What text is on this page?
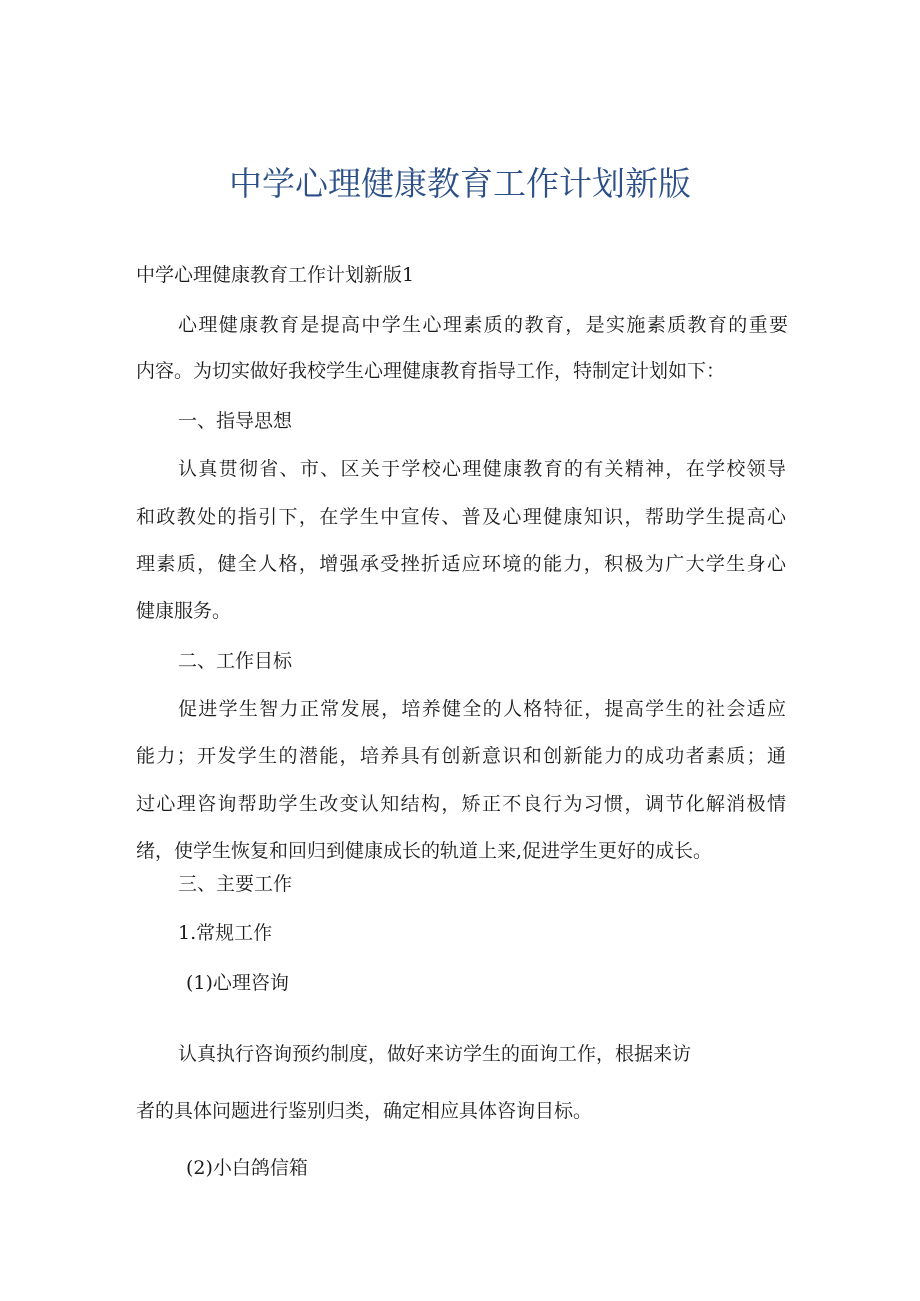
中学心理健康教育工作计划新版
中学心理健康教育工作计划新版1
心理健康教育是提高中学生心理素质的教育，是实施素质教育的重要
内容。为切实做好我校学生心理健康教育指导工作，特制定计划如下：
一、指导思想
认真贯彻省、市、区关于学校心理健康教育的有关精神，在学校领导
和政教处的指引下，在学生中宣传、普及心理健康知识，帮助学生提高心
理素质，健全人格，增强承受挫折适应环境的能力，积极为广大学生身心
健康服务。
二、工作目标
促进学生智力正常发展，培养健全的人格特征，提高学生的社会适应
能力；开发学生的潜能，培养具有创新意识和创新能力的成功者素质；通
过心理咨询帮助学生改变认知结构，矫正不良行为习惯，调节化解消极情
绪，使学生恢复和回归到健康成长的轨道上来,促进学生更好的成长。
三、主要工作
1.常规工作
(1)心理咨询
认真执行咨询预约制度，做好来访学生的面询工作，根据来访
者的具体问题进行鉴别归类，确定相应具体咨询目标。
(2)小白鸽信箱
